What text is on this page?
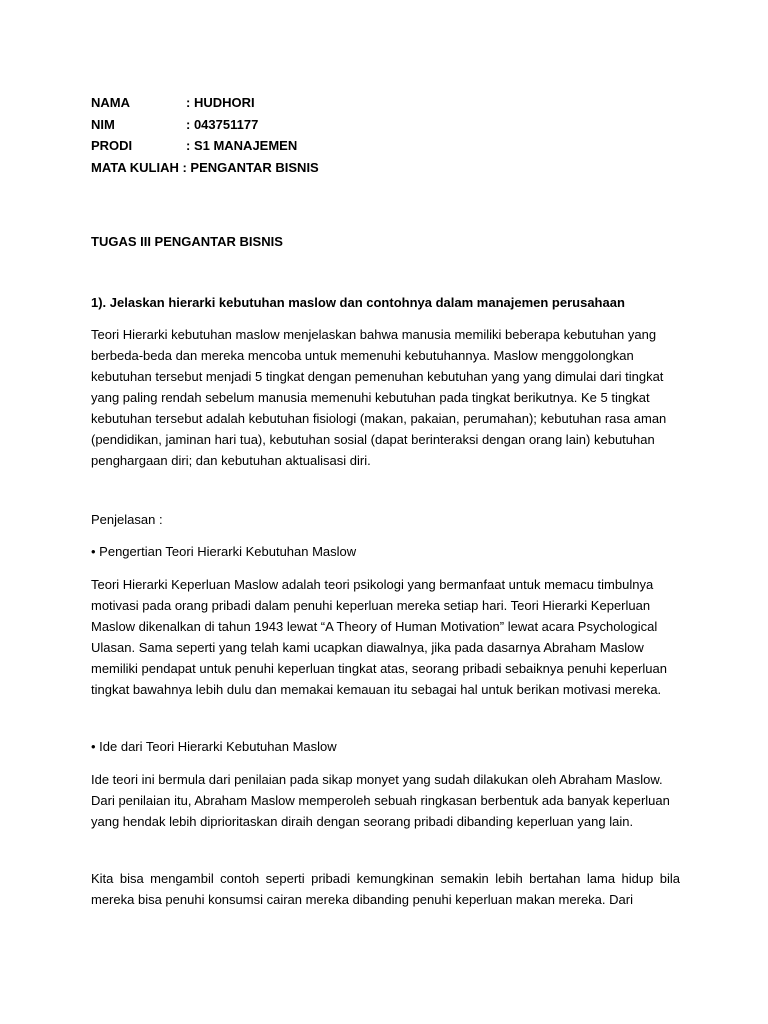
NAMA	: HUDHORI
NIM	: 043751177
PRODI	: S1 MANAJEMEN
MATA KULIAH : PENGANTAR BISNIS
TUGAS III PENGANTAR BISNIS
1). Jelaskan hierarki kebutuhan maslow dan contohnya dalam manajemen perusahaan

Teori Hierarki kebutuhan maslow menjelaskan bahwa manusia memiliki beberapa kebutuhan yang berbeda-beda dan mereka mencoba untuk memenuhi kebutuhannya. Maslow menggolongkan kebutuhan tersebut menjadi 5 tingkat dengan pemenuhan kebutuhan yang yang dimulai dari tingkat yang paling rendah sebelum manusia memenuhi kebutuhan pada tingkat berikutnya. Ke 5 tingkat kebutuhan tersebut adalah kebutuhan fisiologi (makan, pakaian, perumahan); kebutuhan rasa aman (pendidikan, jaminan hari tua), kebutuhan sosial (dapat berinteraksi dengan orang lain) kebutuhan penghargaan diri; dan kebutuhan aktualisasi diri.

Penjelasan :

• Pengertian Teori Hierarki Kebutuhan Maslow

Teori Hierarki Keperluan Maslow adalah teori psikologi yang bermanfaat untuk memacu timbulnya motivasi pada orang pribadi dalam penuhi keperluan mereka setiap hari. Teori Hierarki Keperluan Maslow dikenalkan di tahun 1943 lewat “A Theory of Human Motivation” lewat acara Psychological Ulasan. Sama seperti yang telah kami ucapkan diawalnya, jika pada dasarnya Abraham Maslow memiliki pendapat untuk penuhi keperluan tingkat atas, seorang pribadi sebaiknya penuhi keperluan tingkat bawahnya lebih dulu dan memakai kemauan itu sebagai hal untuk berikan motivasi mereka.

• Ide dari Teori Hierarki Kebutuhan Maslow

Ide teori ini bermula dari penilaian pada sikap monyet yang sudah dilakukan oleh Abraham Maslow. Dari penilaian itu, Abraham Maslow memperoleh sebuah ringkasan berbentuk ada banyak keperluan yang hendak lebih diprioritaskan diraih dengan seorang pribadi dibanding keperluan yang lain.

Kita bisa mengambil contoh seperti pribadi kemungkinan semakin lebih bertahan lama hidup bila mereka bisa penuhi konsumsi cairan mereka dibanding penuhi keperluan makan mereka. Dari
